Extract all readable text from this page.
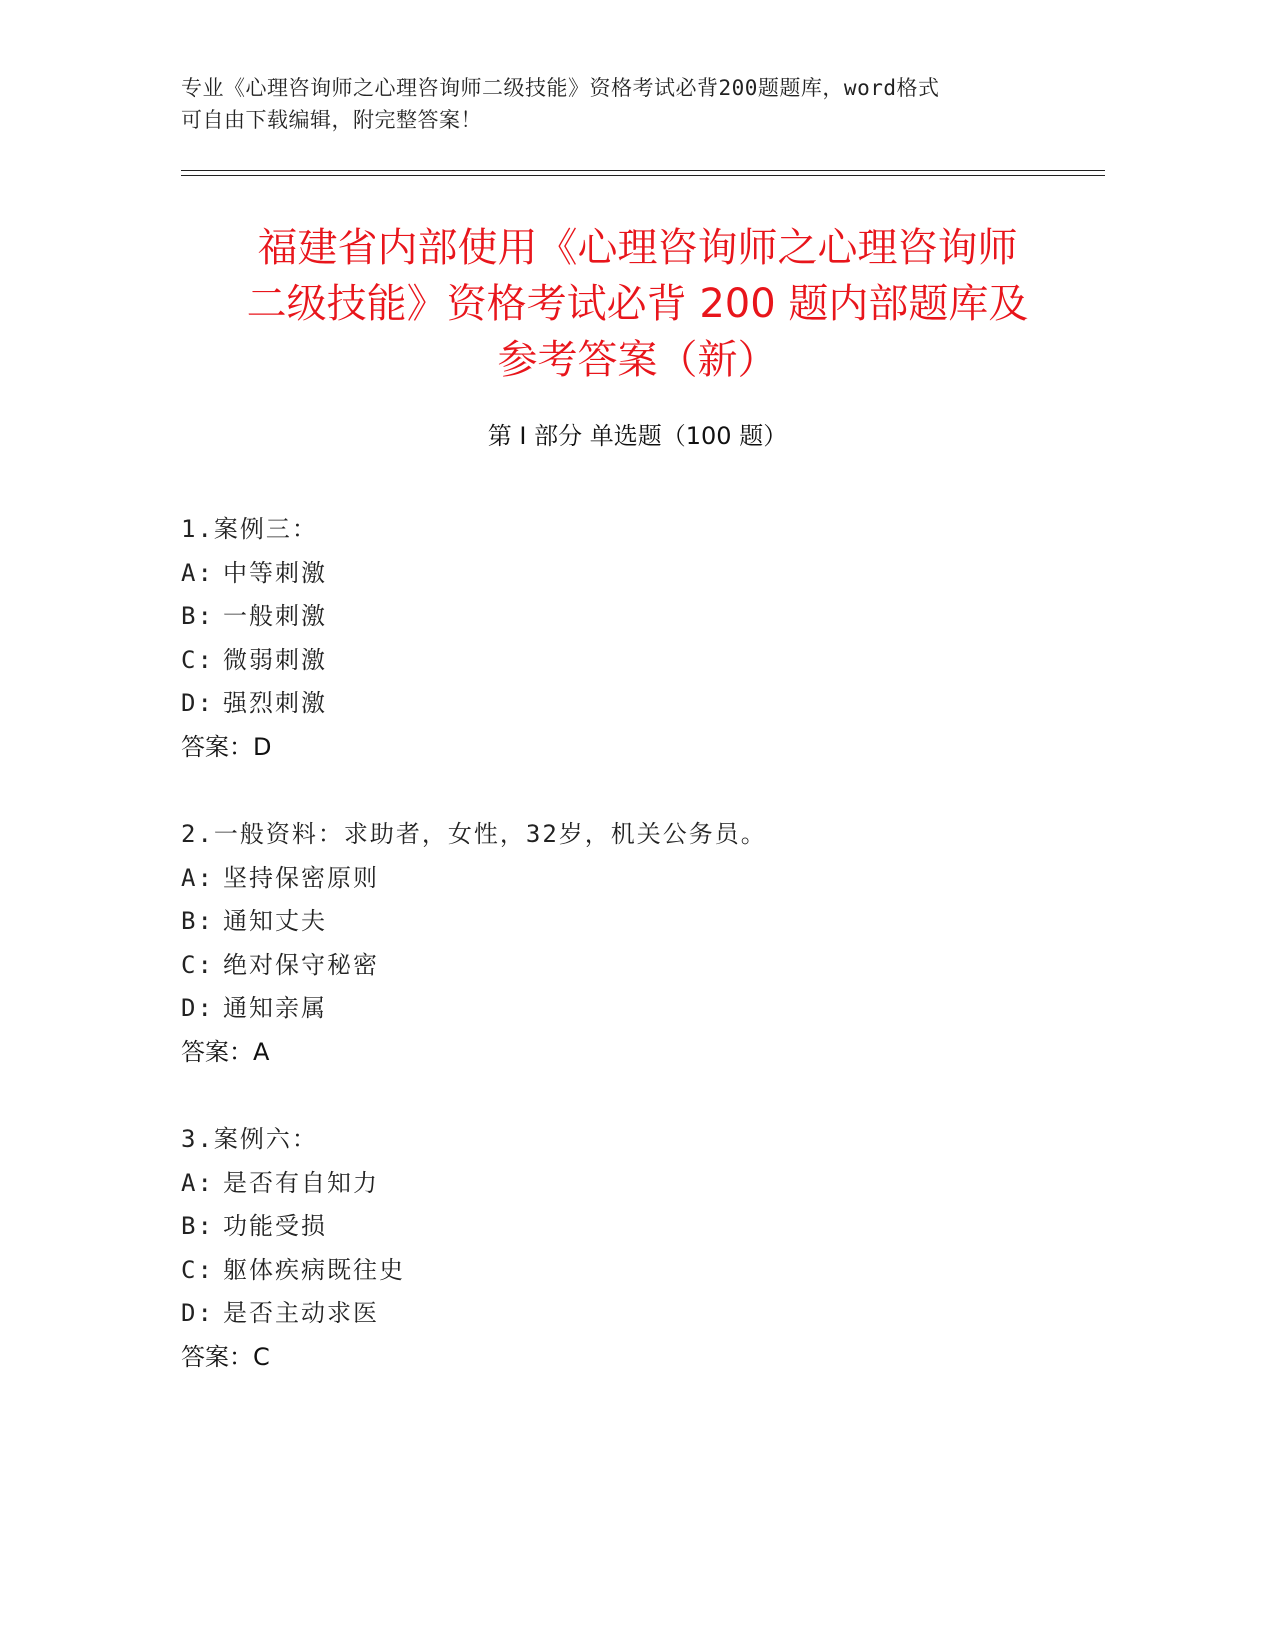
专业《心理咨询师之心理咨询师二级技能》资格考试必背200题题库，word格式
可自由下载编辑，附完整答案！
福建省内部使用《心理咨询师之心理咨询师
二级技能》资格考试必背 200 题内部题库及
参考答案（新）
第 I 部分 单选题（100 题）
1.案例三：
A: 中等刺激
B: 一般刺激
C: 微弱刺激
D: 强烈刺激
答案：D
2.一般资料：求助者，女性，32岁，机关公务员。
A: 坚持保密原则
B: 通知丈夫
C: 绝对保守秘密
D: 通知亲属
答案：A
3.案例六：
A: 是否有自知力
B: 功能受损
C: 躯体疾病既往史
D: 是否主动求医
答案：C
